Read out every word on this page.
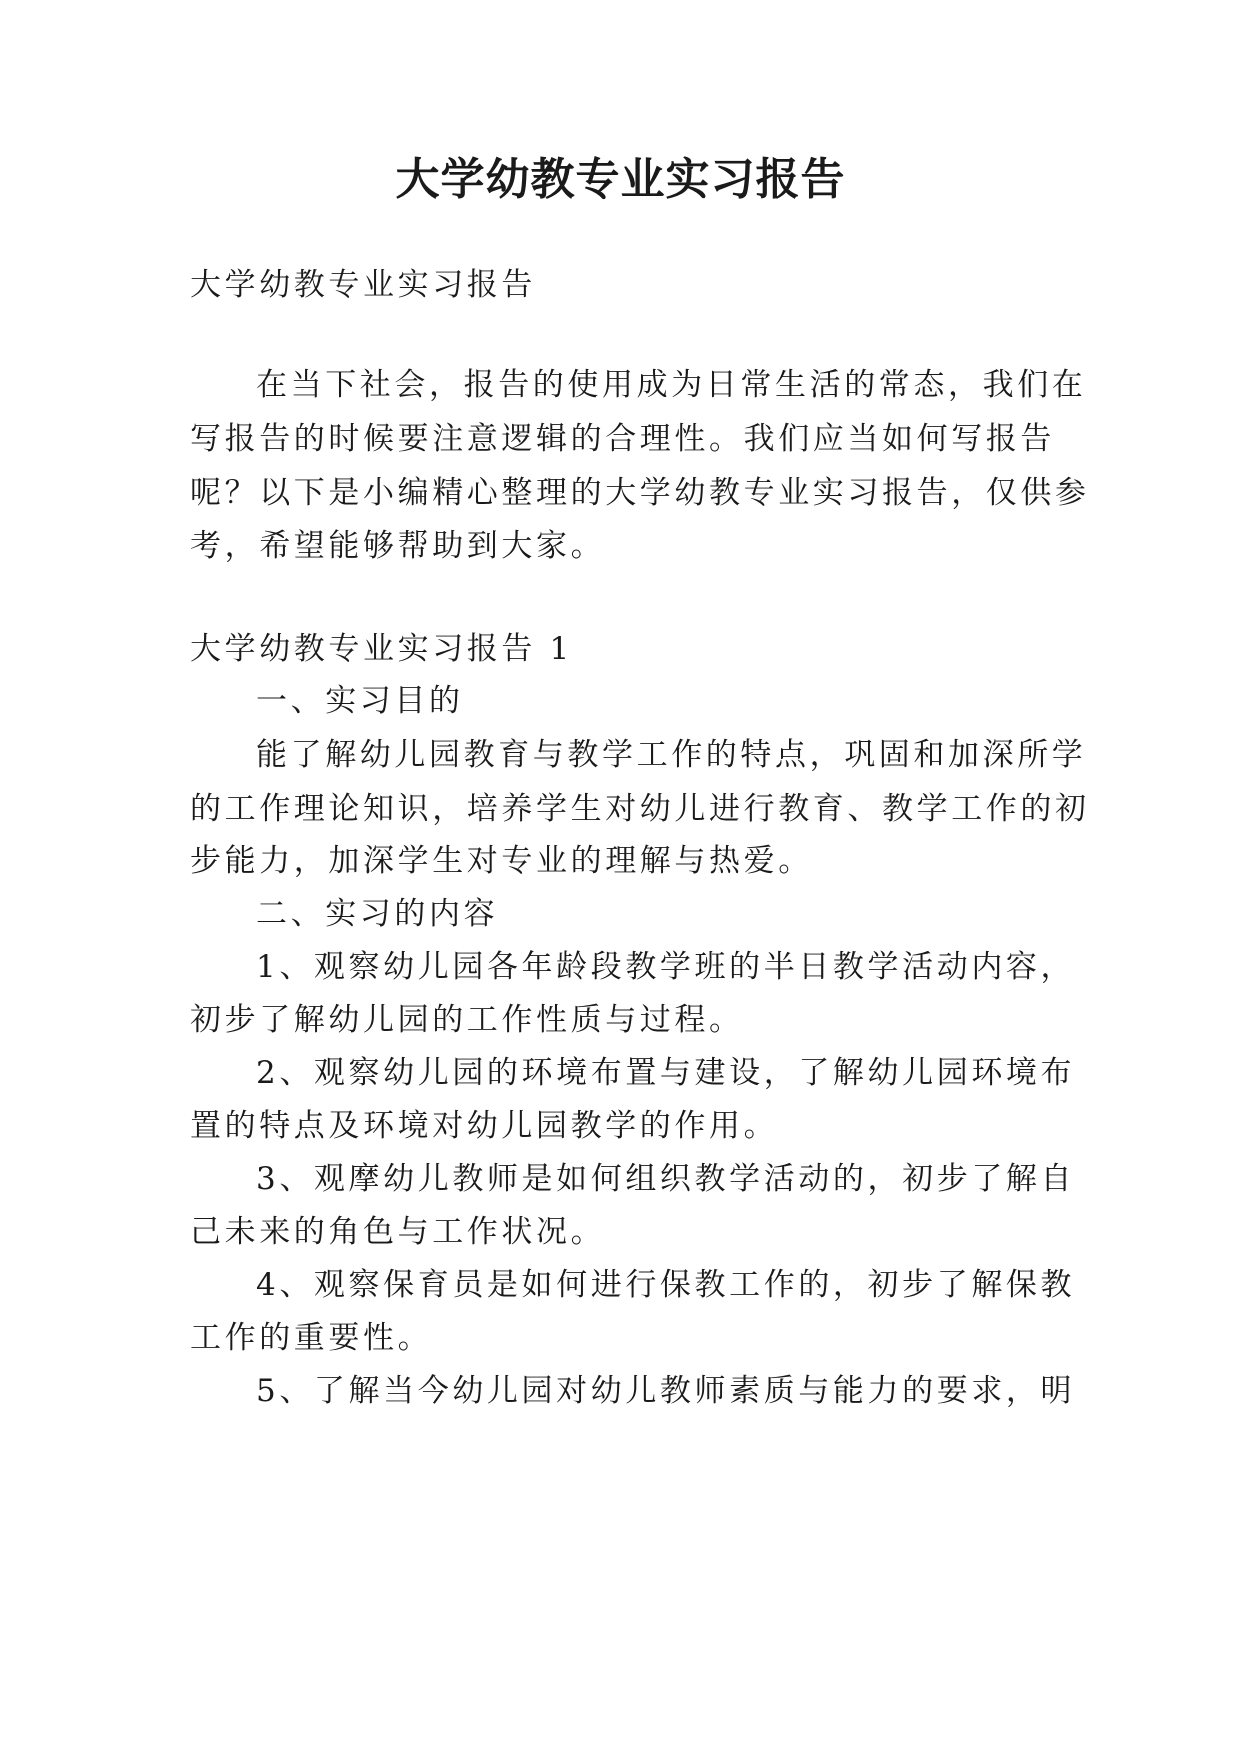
大学幼教专业实习报告

大学幼教专业实习报告

在当下社会，报告的使用成为日常生活的常态，我们在

写报告的时候要注意逻辑的合理性。我们应当如何写报告

呢？以下是小编精心整理的大学幼教专业实习报告，仅供参

考，希望能够帮助到大家。

大学幼教专业实习报告 1

一、实习目的

能了解幼儿园教育与教学工作的特点，巩固和加深所学

的工作理论知识，培养学生对幼儿进行教育、教学工作的初

步能力，加深学生对专业的理解与热爱。

二、实习的内容

1、观察幼儿园各年龄段教学班的半日教学活动内容，

初步了解幼儿园的工作性质与过程。

2、观察幼儿园的环境布置与建设，了解幼儿园环境布

置的特点及环境对幼儿园教学的作用。

3、观摩幼儿教师是如何组织教学活动的，初步了解自

己未来的角色与工作状况。

4、观察保育员是如何进行保教工作的，初步了解保教

工作的重要性。

5、了解当今幼儿园对幼儿教师素质与能力的要求，明
